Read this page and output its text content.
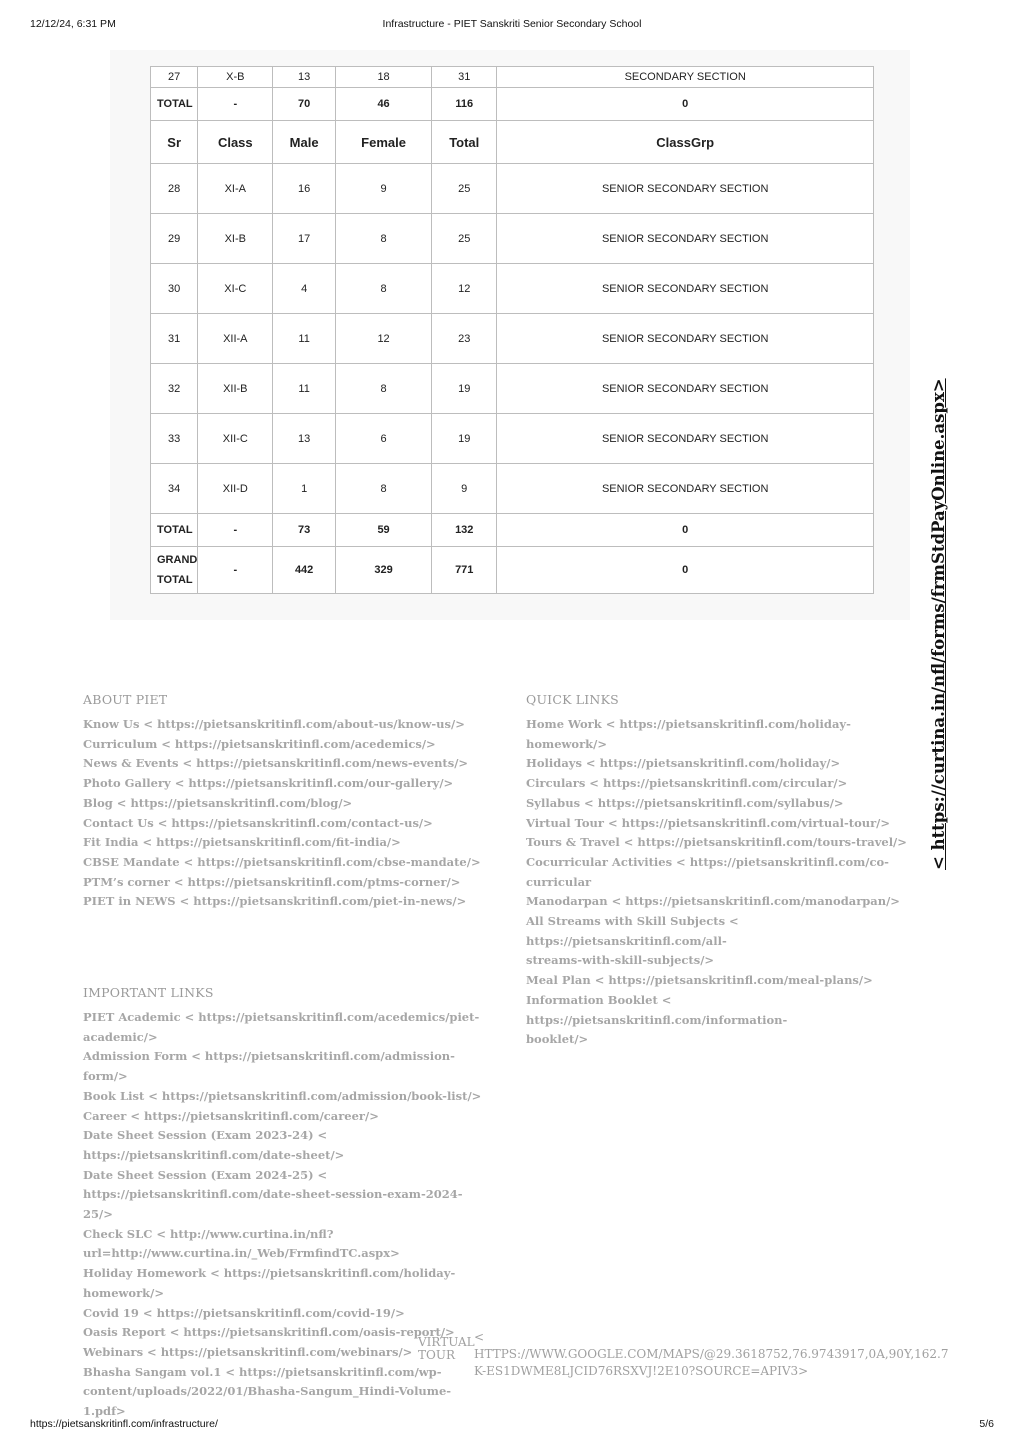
12/12/24, 6:31 PM	Infrastructure - PIET Sanskriti Senior Secondary School
27	X-B	13	18	31	SECONDARY SECTION
TOTAL	-	70	46	116	0
Sr	Class	Male	Female	Total	ClassGrp
28	XI-A	16	9	25	SENIOR SECONDARY SECTION
29	XI-B	17	8	25	SENIOR SECONDARY SECTION
30	XI-C	4	8	12	SENIOR SECONDARY SECTION
31	XII-A	11	12	23	SENIOR SECONDARY SECTION
32	XII-B	11	8	19	SENIOR SECONDARY SECTION
33	XII-C	13	6	19	SENIOR SECONDARY SECTION
34	XII-D	1	8	9	SENIOR SECONDARY SECTION
TOTAL	-	73	59	132	0
GRAND TOTAL	-	442	329	771	0	< https://curtina.in/nfl/forms/frmStdPayOnline.aspx>
ABOUT PIET
Know Us < https://pietsanskritinfl.com/about-us/know-us/>
Curriculum < https://pietsanskritinfl.com/acedemics/>
News & Events < https://pietsanskritinfl.com/news-events/>
Photo Gallery < https://pietsanskritinfl.com/our-gallery/>
Blog < https://pietsanskritinfl.com/blog/>
Contact Us < https://pietsanskritinfl.com/contact-us/>
Fit India < https://pietsanskritinfl.com/fit-india/>
CBSE Mandate < https://pietsanskritinfl.com/cbse-mandate/>
PTM’s corner < https://pietsanskritinfl.com/ptms-corner/>
PIET in NEWS < https://pietsanskritinfl.com/piet-in-news/>
QUICK LINKS
Home Work < https://pietsanskritinfl.com/holiday-homework/>
Holidays < https://pietsanskritinfl.com/holiday/>
Circulars < https://pietsanskritinfl.com/circular/>
Syllabus < https://pietsanskritinfl.com/syllabus/>
Virtual Tour < https://pietsanskritinfl.com/virtual-tour/>
Tours & Travel < https://pietsanskritinfl.com/tours-travel/>
Cocurricular Activities < https://pietsanskritinfl.com/co-curricular
Manodarpan < https://pietsanskritinfl.com/manodarpan/>
All Streams with Skill Subjects < https://pietsanskritinfl.com/all-
streams-with-skill-subjects/>
Meal Plan < https://pietsanskritinfl.com/meal-plans/>
Information Booklet < https://pietsanskritinfl.com/information-
booklet/>
IMPORTANT LINKS
PIET Academic < https://pietsanskritinfl.com/acedemics/piet-
academic/>
Admission Form < https://pietsanskritinfl.com/admission-form/>
Book List < https://pietsanskritinfl.com/admission/book-list/>
Career < https://pietsanskritinfl.com/career/>
Date Sheet Session (Exam 2023-24) <
https://pietsanskritinfl.com/date-sheet/>
Date Sheet Session (Exam 2024-25) <
https://pietsanskritinfl.com/date-sheet-session-exam-2024-25/>
Check SLC < http://www.curtina.in/nfl?
url=http://www.curtina.in/_Web/FrmfindTC.aspx>
Holiday Homework < https://pietsanskritinfl.com/holiday-
homework/>
Covid 19 < https://pietsanskritinfl.com/covid-19/>
Oasis Report < https://pietsanskritinfl.com/oasis-report/>
Webinars < https://pietsanskritinfl.com/webinars/>
Bhasha Sangam vol.1 < https://pietsanskritinfl.com/wp-
content/uploads/2022/01/Bhasha-Sangum_Hindi-Volume-1.pdf>
VIRTUAL TOUR
<
HTTPS://WWW.GOOGLE.COM/MAPS/@29.3618752,76.9743917,0A,90Y,162.7
K-ES1DWME8LJCID76RSXVJ!2E10?SOURCE=APIV3>
https://pietsanskritinfl.com/infrastructure/	5/6
